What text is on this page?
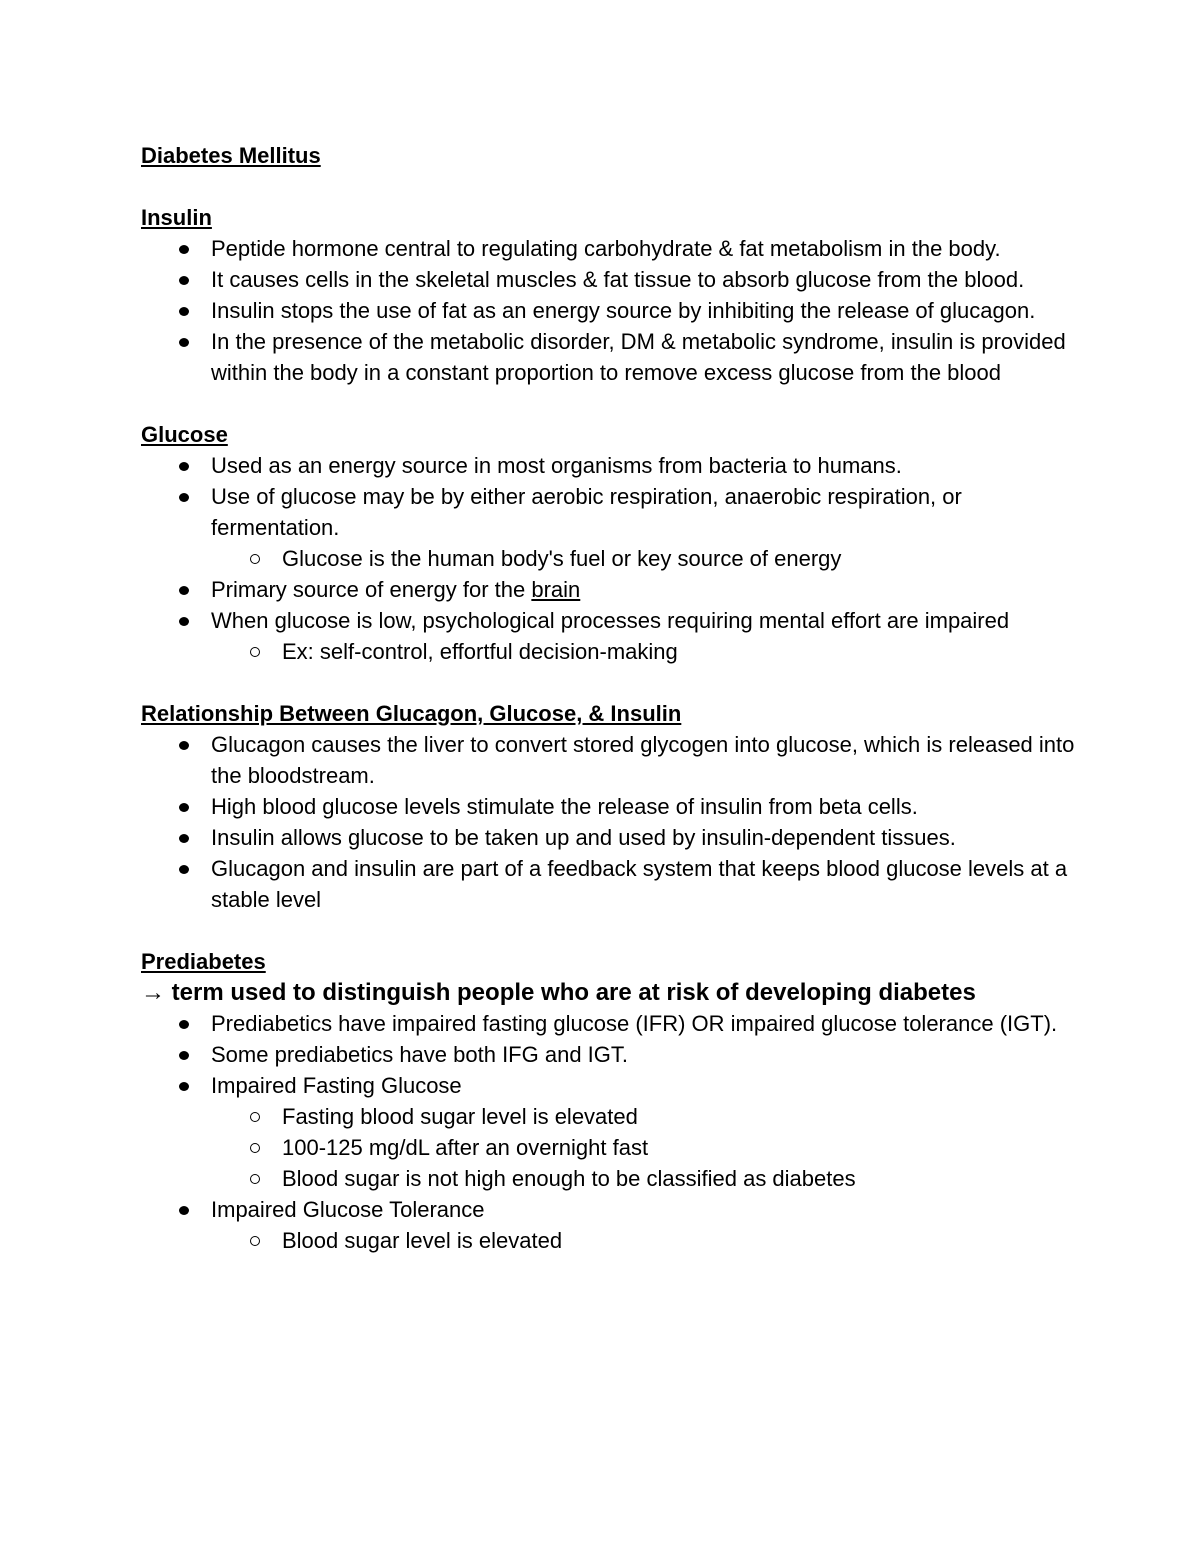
Diabetes Mellitus
Insulin
Peptide hormone central to regulating carbohydrate & fat metabolism in the body.
It causes cells in the skeletal muscles & fat tissue to absorb glucose from the blood.
Insulin stops the use of fat as an energy source by inhibiting the release of glucagon.
In the presence of the metabolic disorder, DM & metabolic syndrome, insulin is provided within the body in a constant proportion to remove excess glucose from the blood
Glucose
Used as an energy source in most organisms from bacteria to humans.
Use of glucose may be by either aerobic respiration, anaerobic respiration, or fermentation.
Glucose is the human body's fuel or key source of energy
Primary source of energy for the brain
When glucose is low, psychological processes requiring mental effort are impaired
Ex: self-control, effortful decision-making
Relationship Between Glucagon, Glucose, & Insulin
Glucagon causes the liver to convert stored glycogen into glucose, which is released into the bloodstream.
High blood glucose levels stimulate the release of insulin from beta cells.
Insulin allows glucose to be taken up and used by insulin-dependent tissues.
Glucagon and insulin are part of a feedback system that keeps blood glucose levels at a stable level
Prediabetes

→ term used to distinguish people who are at risk of developing diabetes

Prediabetics have impaired fasting glucose (IFR) OR impaired glucose tolerance (IGT).
Some prediabetics have both IFG and IGT.
Impaired Fasting Glucose
Fasting blood sugar level is elevated
100-125 mg/dL after an overnight fast
Blood sugar is not high enough to be classified as diabetes
Impaired Glucose Tolerance
Blood sugar level is elevated
